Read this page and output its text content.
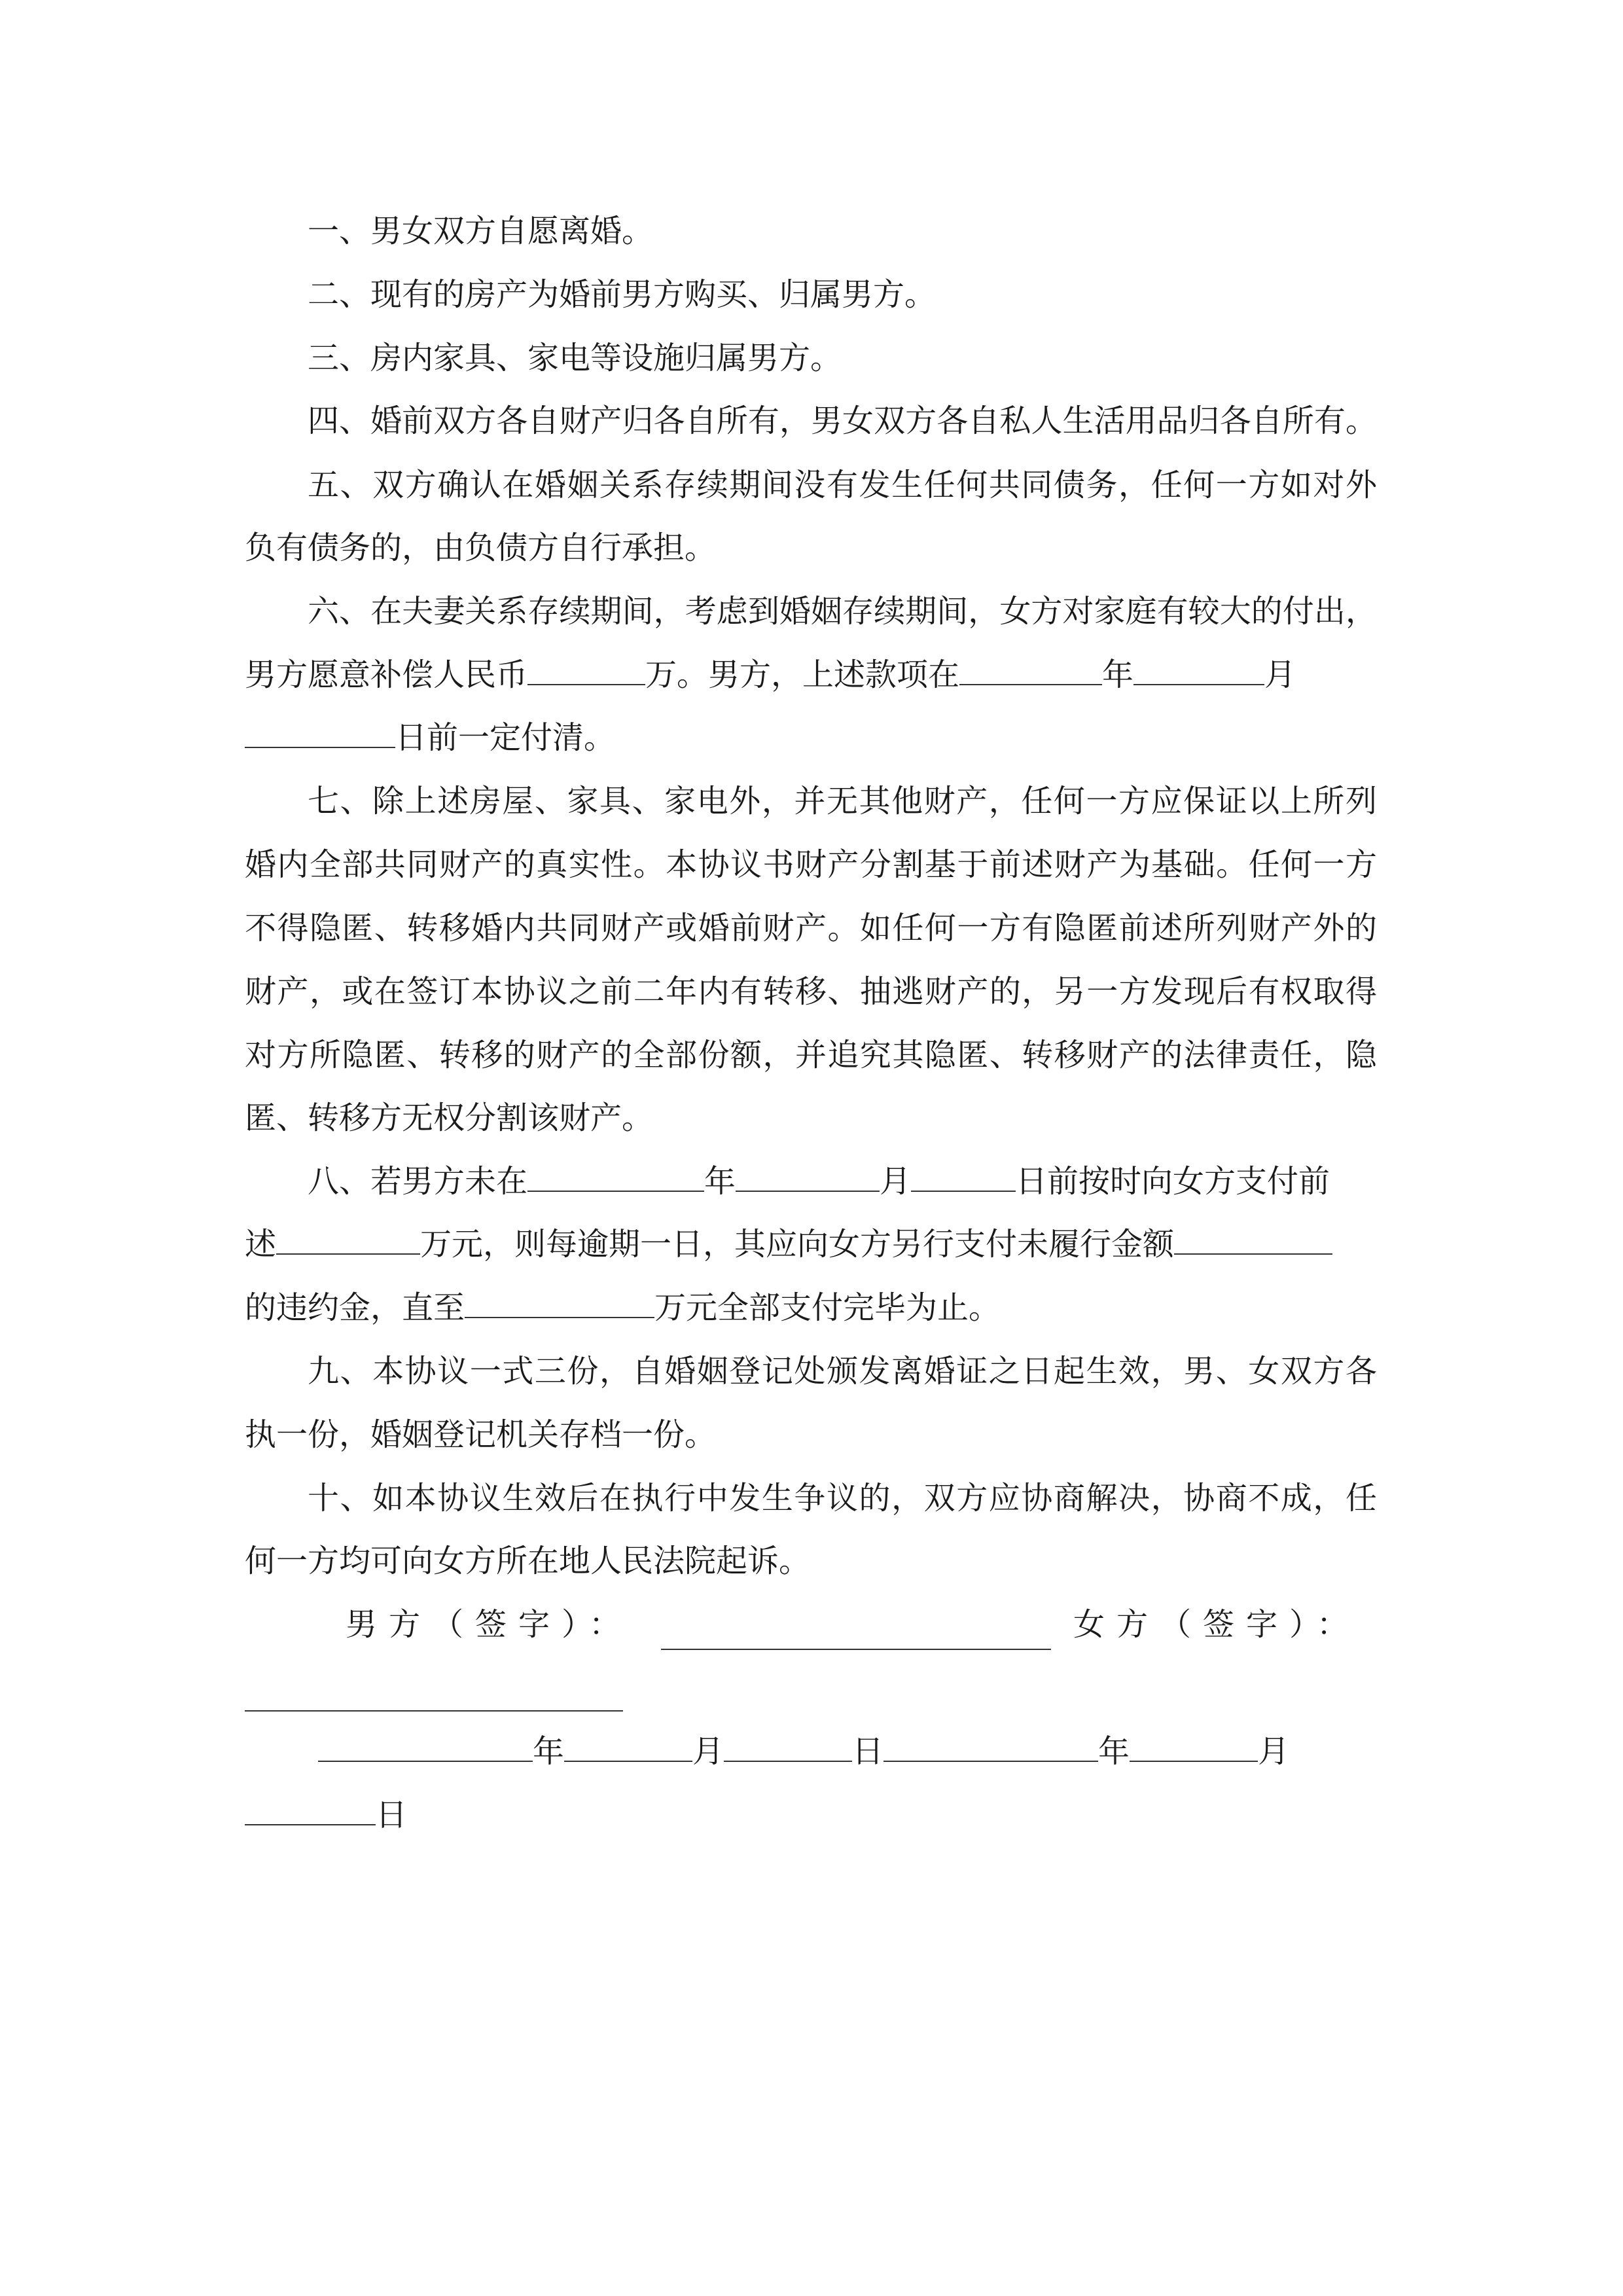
一、男女双方自愿离婚。
二、现有的房产为婚前男方购买、归属男方。
三、房内家具、家电等设施归属男方。
四、婚前双方各自财产归各自所有，男女双方各自私人生活用品归各自所有。
五、双方确认在婚姻关系存续期间没有发生任何共同债务，任何一方如对外
负有债务的，由负债方自行承担。
六、在夫妻关系存续期间，考虑到婚姻存续期间，女方对家庭有较大的付出，
男方愿意补偿人民币	万。男方，上述款项在	年	月
日前一定付清。
七、除上述房屋、家具、家电外，并无其他财产，任何一方应保证以上所列
婚内全部共同财产的真实性。本协议书财产分割基于前述财产为基础。任何一方
不得隐匿、转移婚内共同财产或婚前财产。如任何一方有隐匿前述所列财产外的
财产，或在签订本协议之前二年内有转移、抽逃财产的，另一方发现后有权取得
对方所隐匿、转移的财产的全部份额，并追究其隐匿、转移财产的法律责任，隐
匿、转移方无权分割该财产。
八、若男方未在	年	月	日前按时向女方支付前
述	万元，则每逾期一日，其应向女方另行支付未履行金额
的违约金，直至	万元全部支付完毕为止。
九、本协议一式三份，自婚姻登记处颁发离婚证之日起生效，男、女双方各
执一份，婚姻登记机关存档一份。
十、如本协议生效后在执行中发生争议的，双方应协商解决，协商不成，任
何一方均可向女方所在地人民法院起诉。
男方（签字）：	女方（签字）：
年	月	日	年	月
日
